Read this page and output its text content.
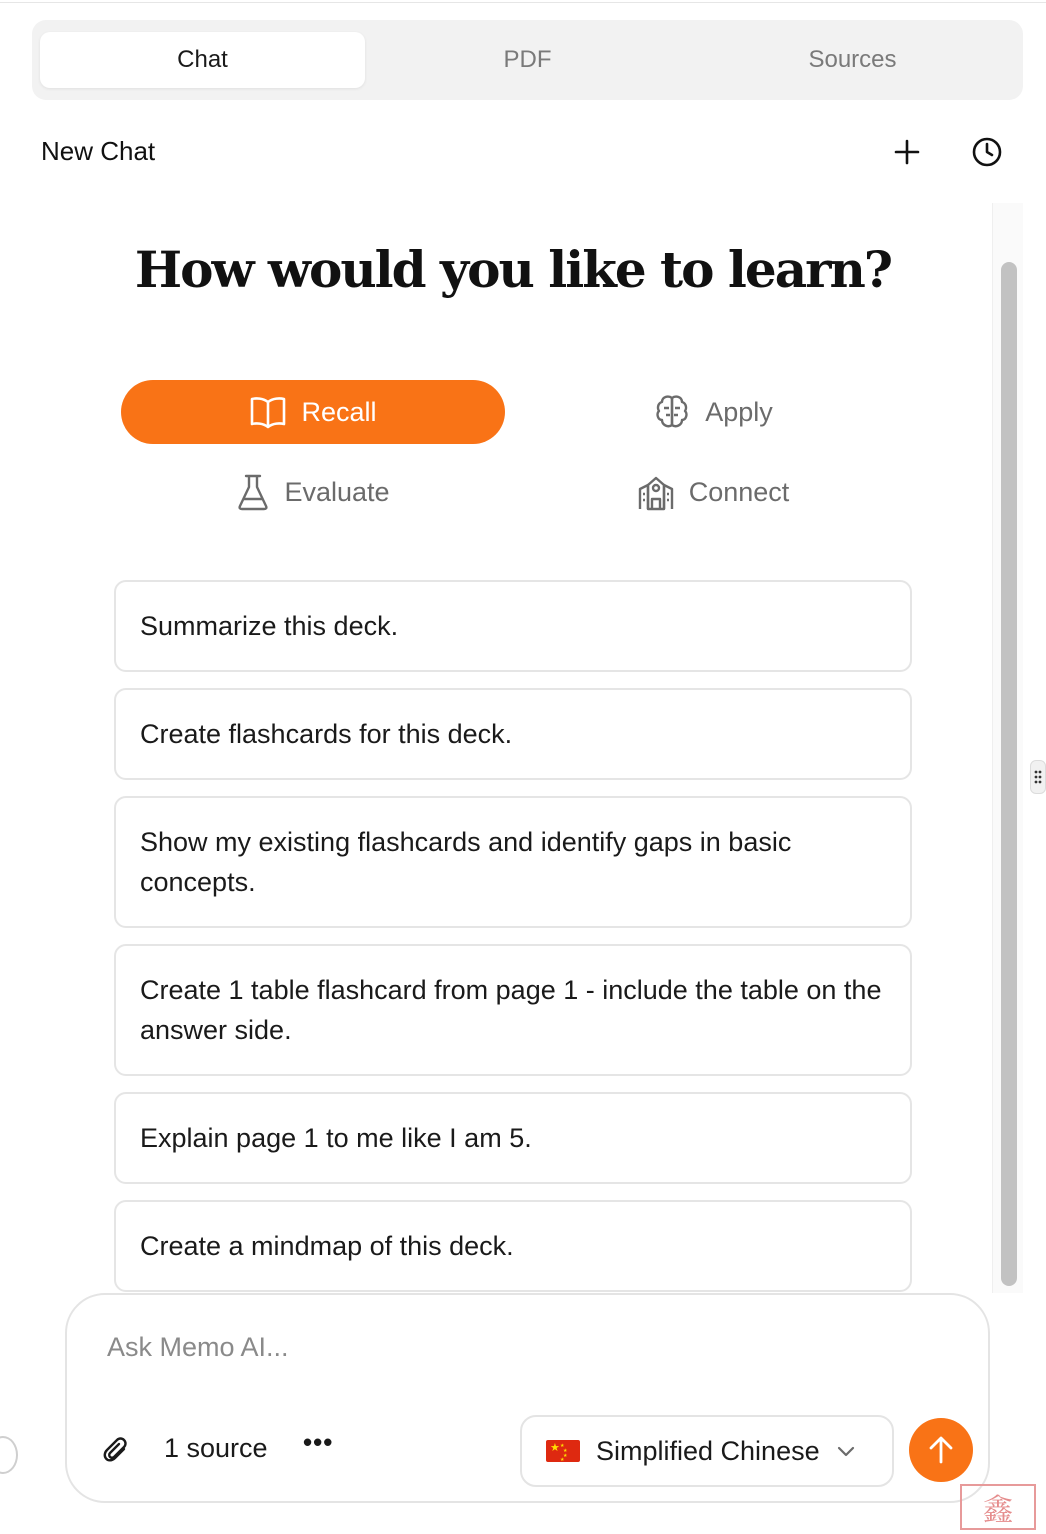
Chat	PDF	Sources
New Chat
How would you like to learn?
Recall	Apply
Evaluate	Connect
Summarize this deck.
Create flashcards for this deck.
Show my existing flashcards and identify gaps in basic concepts.
Create 1 table flashcard from page 1 - include the table on the answer side.
Explain page 1 to me like I am 5.
Create a mindmap of this deck.
Ask Memo AI...
1 source •••	★ ★
★
★
★ Simplified Chinese
鑫
